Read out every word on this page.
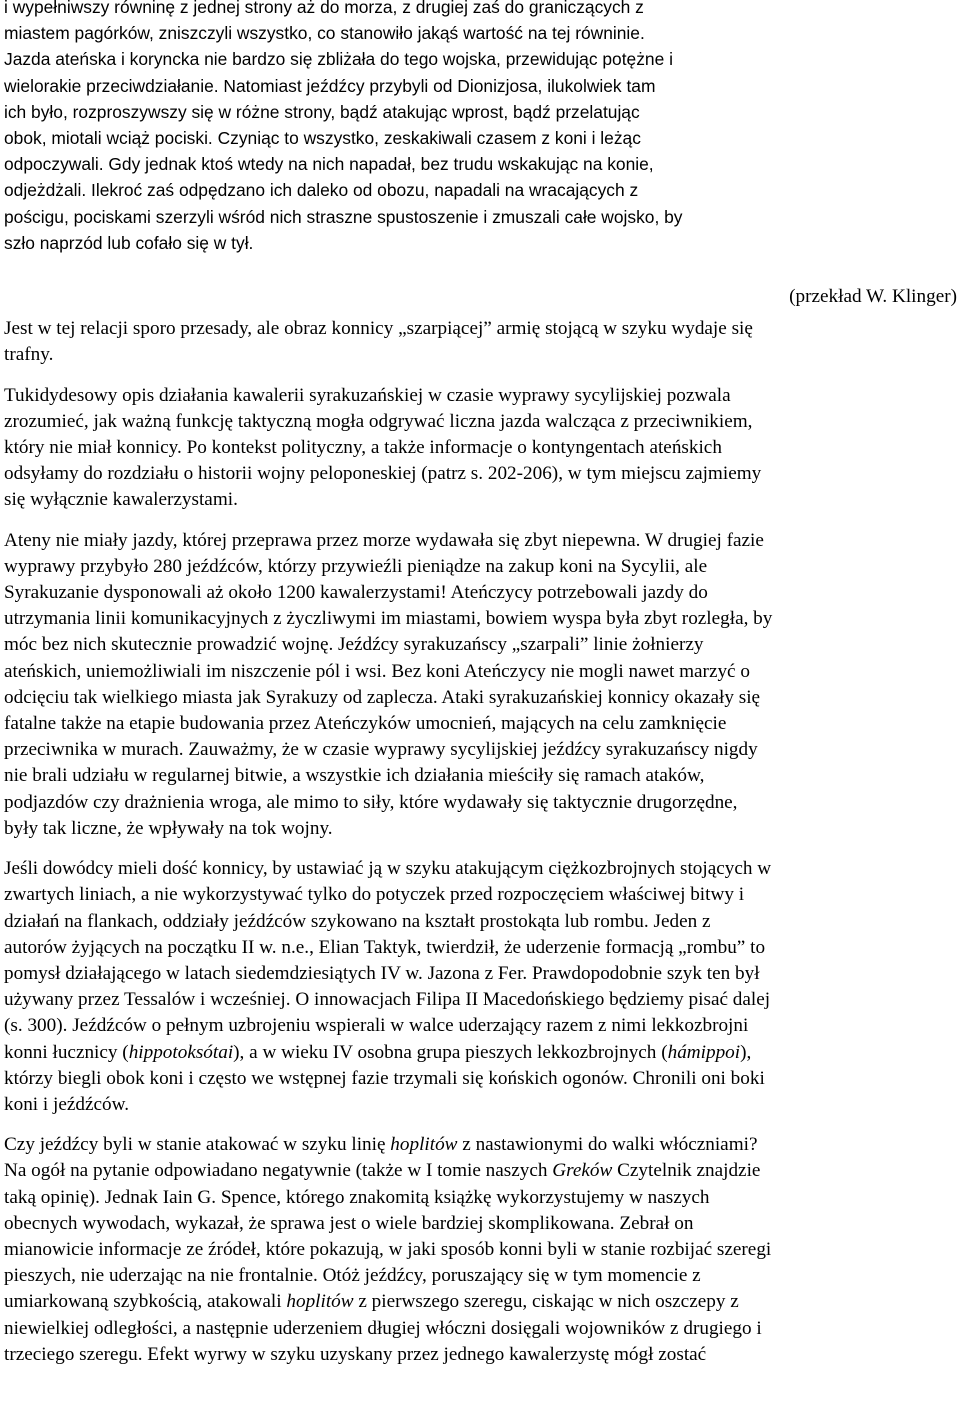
i wypełniwszy równinę z jednej strony aż do morza, z drugiej zaś do graniczących z
miastem pagórków, zniszczyli wszystko, co stanowiło jakąś wartość na tej równinie.
Jazda ateńska i koryncka nie bardzo się zbliżała do tego wojska, przewidując potężne i
wielorakie przeciwdziałanie. Natomiast jeźdźcy przybyli od Dionizjosa, ilukolwiek tam
ich było, rozproszywszy się w różne strony, bądź atakując wprost, bądź przelatując
obok, miotali wciąż pociski. Czyniąc to wszystko, zeskakiwali czasem z koni i leżąc
odpoczywali. Gdy jednak ktoś wtedy na nich napadał, bez trudu wskakując na konie,
odjeżdżali. Ilekroć zaś odpędzano ich daleko od obozu, napadali na wracających z
pościgu, pociskami szerzyli wśród nich straszne spustoszenie i zmuszali całe wojsko, by
szło naprzód lub cofało się w tył.
(przekład W. Klinger)
Jest w tej relacji sporo przesady, ale obraz konnicy „szarpiącej” armię stojącą w szyku wydaje się
trafny.
Tukidydesowy opis działania kawalerii syrakuzańskiej w czasie wyprawy sycylijskiej pozwala
zrozumieć, jak ważną funkcję taktyczną mogła odgrywać liczna jazda walcząca z przeciwnikiem,
który nie miał konnicy. Po kontekst polityczny, a także informacje o kontyngentach ateńskich
odsyłamy do rozdziału o historii wojny peloponeskiej (patrz s. 202-206), w tym miejscu zajmiemy
się wyłącznie kawalerzystami.
Ateny nie miały jazdy, której przeprawa przez morze wydawała się zbyt niepewna. W drugiej fazie
wyprawy przybyło 280 jeźdźców, którzy przywieźli pieniądze na zakup koni na Sycylii, ale
Syrakuzanie dysponowali aż około 1200 kawalerzystami! Ateńczycy potrzebowali jazdy do
utrzymania linii komunikacyjnych z życzliwymi im miastami, bowiem wyspa była zbyt rozległa, by
móc bez nich skutecznie prowadzić wojnę. Jeźdźcy syrakuzańscy „szarpali” linie żołnierzy
ateńskich, uniemożliwiali im niszczenie pól i wsi. Bez koni Ateńczycy nie mogli nawet marzyć o
odcięciu tak wielkiego miasta jak Syrakuzy od zaplecza. Ataki syrakuzańskiej konnicy okazały się
fatalne także na etapie budowania przez Ateńczyków umocnień, mających na celu zamknięcie
przeciwnika w murach. Zauważmy, że w czasie wyprawy sycylijskiej jeźdźcy syrakuzańscy nigdy
nie brali udziału w regularnej bitwie, a wszystkie ich działania mieściły się ramach ataków,
podjazdów czy drażnienia wroga, ale mimo to siły, które wydawały się taktycznie drugorzędne,
były tak liczne, że wpływały na tok wojny.
Jeśli dowódcy mieli dość konnicy, by ustawiać ją w szyku atakującym ciężkozbrojnych stojących w
zwartych liniach, a nie wykorzystywać tylko do potyczek przed rozpoczęciem właściwej bitwy i
działań na flankach, oddziały jeźdźców szykowano na kształt prostokąta lub rombu. Jeden z
autorów żyjących na początku II w. n.e., Elian Taktyk, twierdził, że uderzenie formacją „rombu” to
pomysł działającego w latach siedemdziesiątych IV w. Jazona z Fer. Prawdopodobnie szyk ten był
używany przez Tessalów i wcześniej. O innowacjach Filipa II Macedońskiego będziemy pisać dalej
(s. 300). Jeźdźców o pełnym uzbrojeniu wspierali w walce uderzający razem z nimi lekkozbrojni
konni łucznicy (hippotoksótai), a w wieku IV osobna grupa pieszych lekkozbrojnych (hámippoi),
którzy biegli obok koni i często we wstępnej fazie trzymali się końskich ogonów. Chronili oni boki
koni i jeźdźców.
Czy jeźdźcy byli w stanie atakować w szyku linię hoplitów z nastawionymi do walki włóczniami?
Na ogół na pytanie odpowiadano negatywnie (także w I tomie naszych Greków Czytelnik znajdzie
taką opinię). Jednak Iain G. Spence, którego znakomitą książkę wykorzystujemy w naszych
obecnych wywodach, wykazał, że sprawa jest o wiele bardziej skomplikowana. Zebrał on
mianowicie informacje ze źródeł, które pokazują, w jaki sposób konni byli w stanie rozbijać szeregi
pieszych, nie uderzając na nie frontalnie. Otóż jeźdźcy, poruszający się w tym momencie z
umiarkowaną szybkością, atakowali hoplitów z pierwszego szeregu, ciskając w nich oszczepy z
niewielkiej odległości, a następnie uderzeniem długiej włóczni dosięgali wojowników z drugiego i
trzeciego szeregu. Efekt wyrwy w szyku uzyskany przez jednego kawalerzystę mógł zostać
